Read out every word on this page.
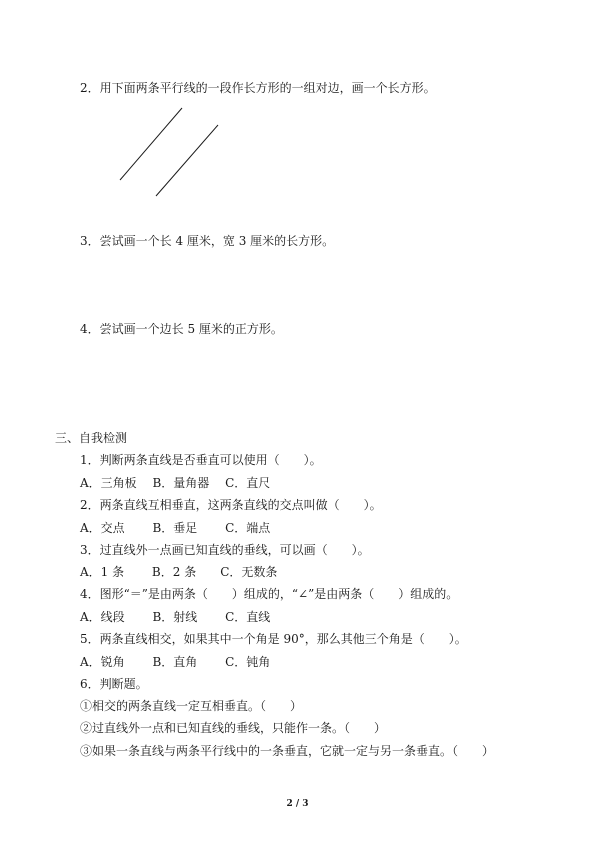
2．用下面两条平行线的一段作长方形的一组对边，画一个长方形。
3．尝试画一个长 4 厘米，宽 3 厘米的长方形。
4．尝试画一个边长 5 厘米的正方形。
三、自我检测
1．判断两条直线是否垂直可以使用（　　）。
A．三角板　 B．量角器　 C．直尺
2．两条直线互相垂直，这两条直线的交点叫做（　　）。
A．交点　　 B．垂足　　 C．端点
3．过直线外一点画已知直线的垂线，可以画（　　）。
A．1 条　　 B．2 条　　C．无数条
4．图形“＝”是由两条（　　）组成的，“∠”是由两条（　　）组成的。
A．线段　　 B．射线　　 C．直线
5．两条直线相交，如果其中一个角是 90°，那么其他三个角是（　　）。
A．锐角　　 B．直角　　 C．钝角
6．判断题。
①相交的两条直线一定互相垂直。（　　）
②过直线外一点和已知直线的垂线，只能作一条。（　　）
③如果一条直线与两条平行线中的一条垂直，它就一定与另一条垂直。（　　）
2 / 3
